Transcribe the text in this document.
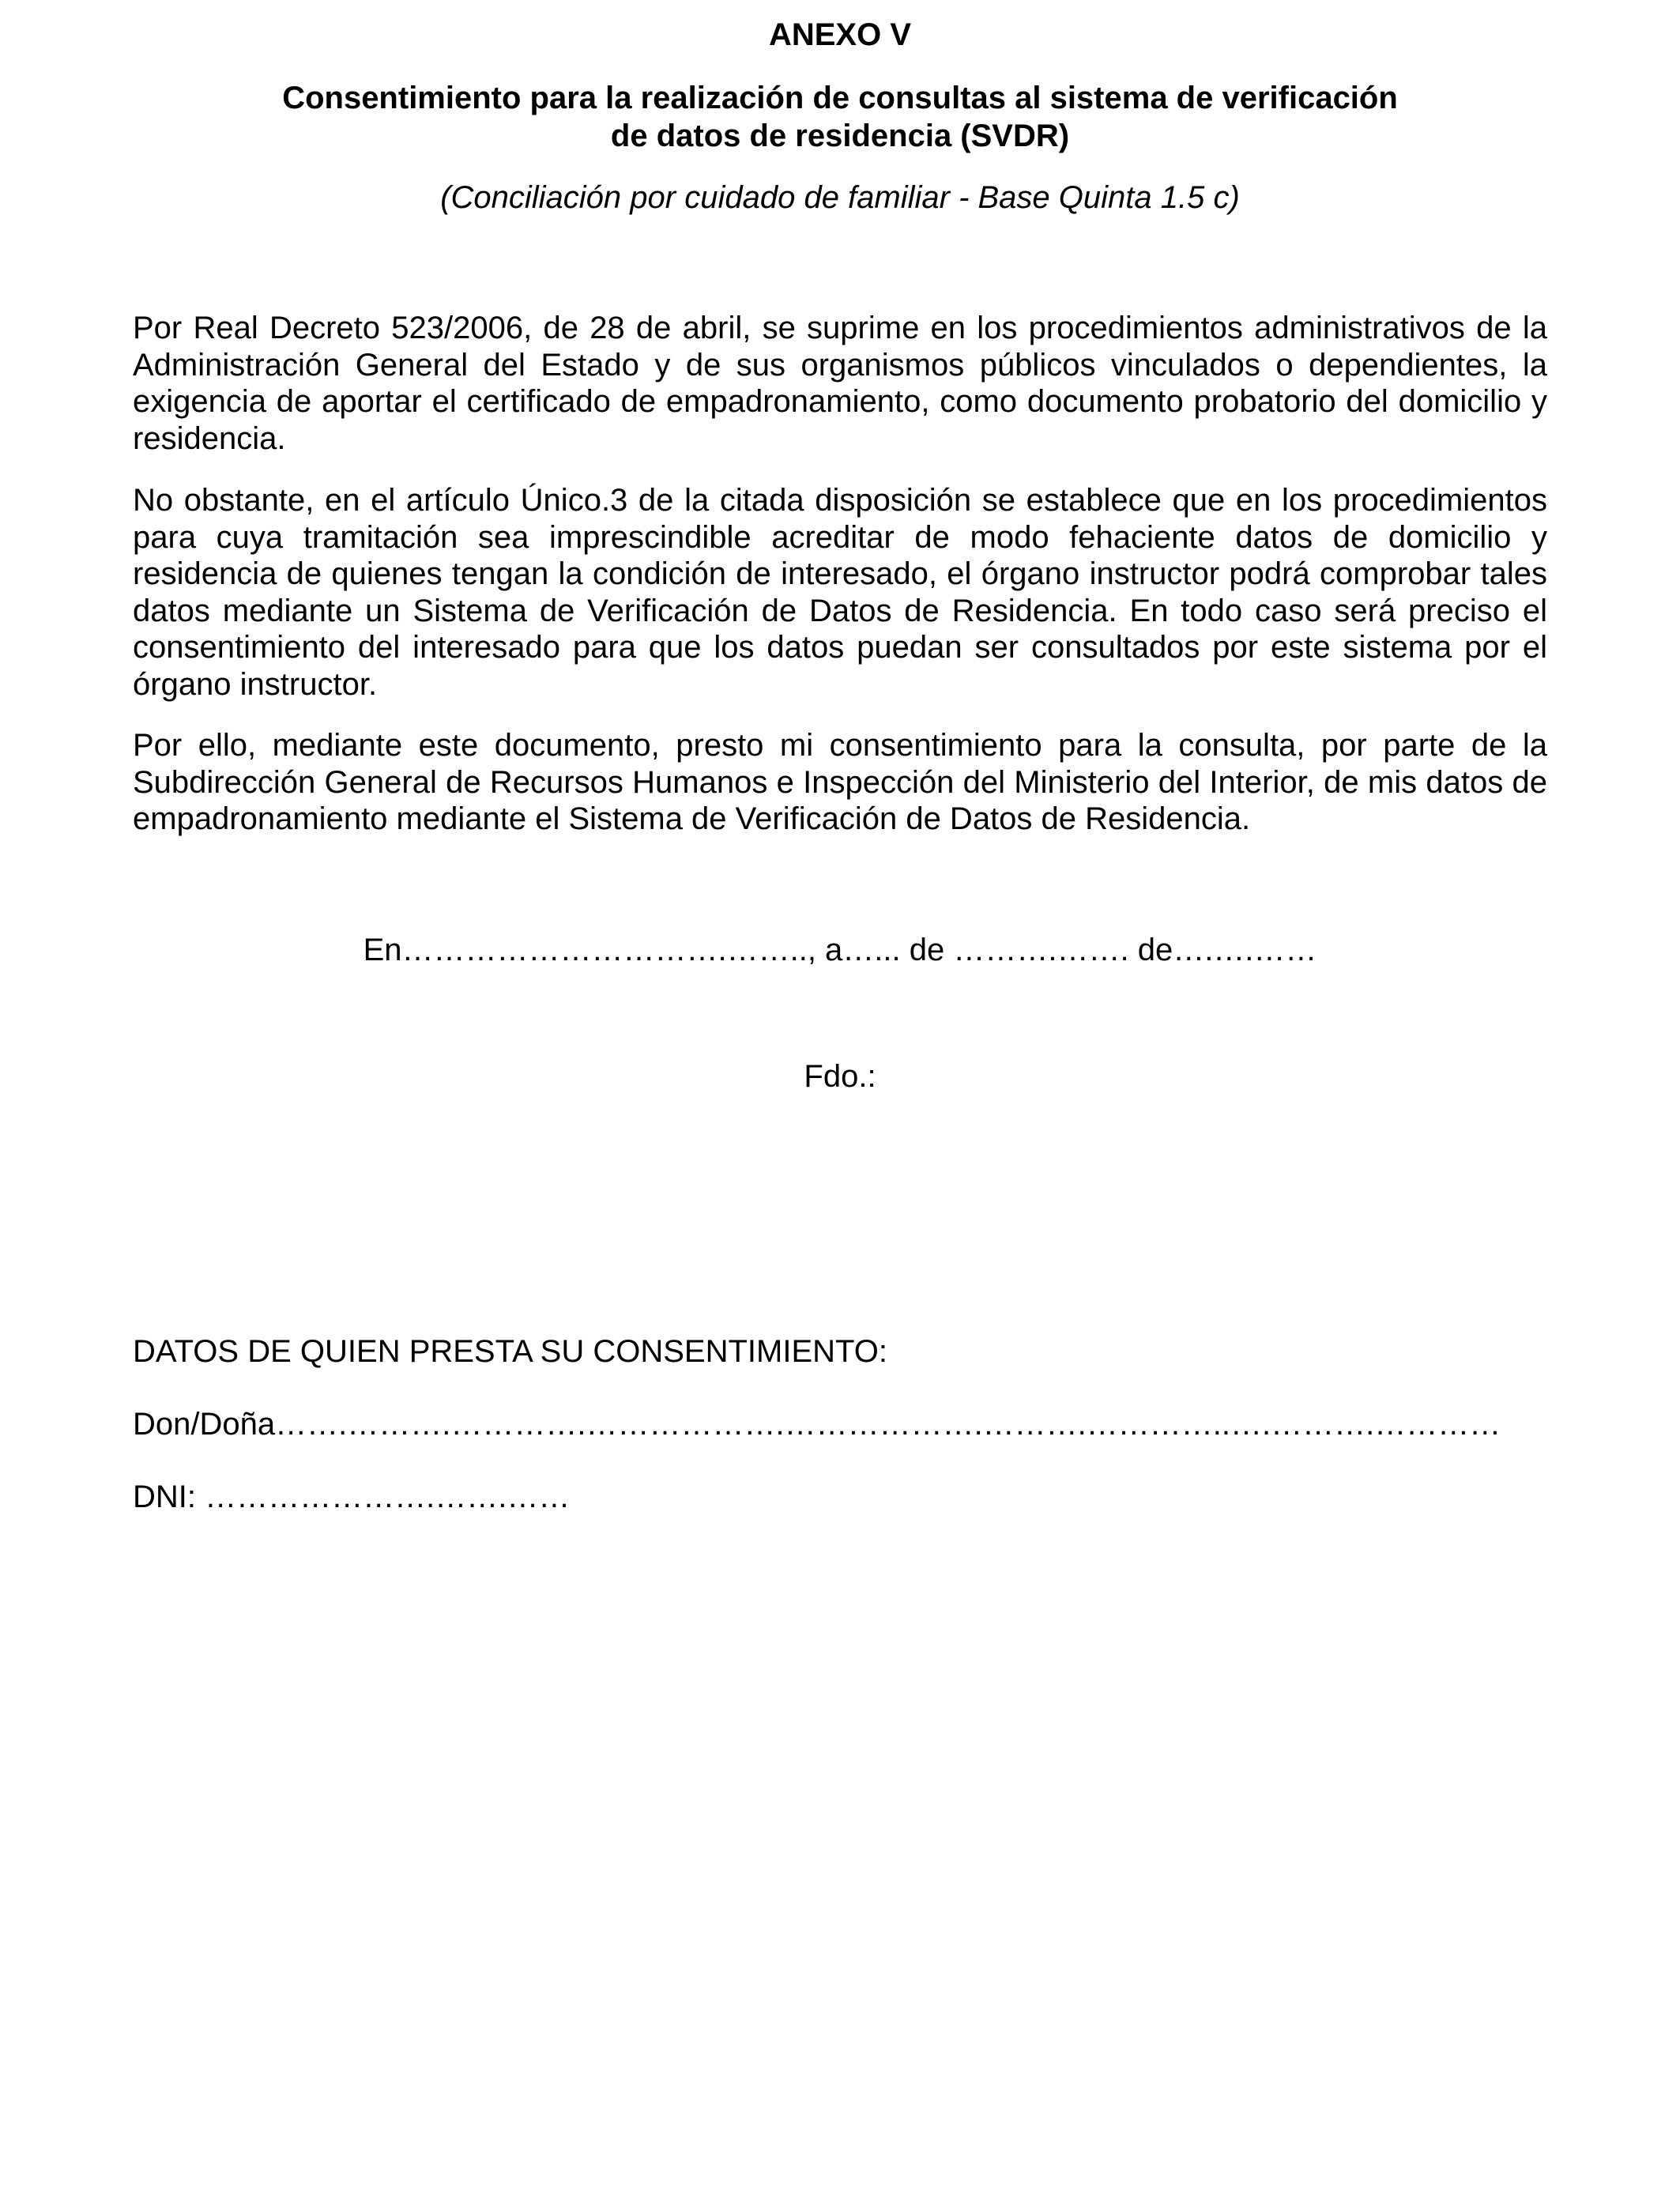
ANEXO V

Consentimiento para la realización de consultas al sistema de verificación
de datos de residencia (SVDR)

(Conciliación por cuidado de familiar - Base Quinta 1.5 c)

Por Real Decreto 523/2006, de 28 de abril, se suprime en los procedimientos administrativos de la Administración General del Estado y de sus organismos públicos vinculados o dependientes, la exigencia de aportar el certificado de empadronamiento, como documento probatorio del domicilio y residencia.

No obstante, en el artículo Único.3 de la citada disposición se establece que en los procedimientos para cuya tramitación sea imprescindible acreditar de modo fehaciente datos de domicilio y residencia de quienes tengan la condición de interesado, el órgano instructor podrá comprobar tales datos mediante un Sistema de Verificación de Datos de Residencia. En todo caso será preciso el consentimiento del interesado para que los datos puedan ser consultados por este sistema por el órgano instructor.

Por ello, mediante este documento, presto mi consentimiento para la consulta, por parte de la Subdirección General de Recursos Humanos e Inspección del Ministerio del Interior, de mis datos de empadronamiento mediante el Sistema de Verificación de Datos de Residencia.

En………………………….…….., a…... de ……….……. de….….……

Fdo.:

DATOS DE QUIEN PRESTA SU CONSENTIMIENTO:

Don/Doña…….……….………….……………….……………….……….…………..….……….…………

DNI: ………………….…….……
